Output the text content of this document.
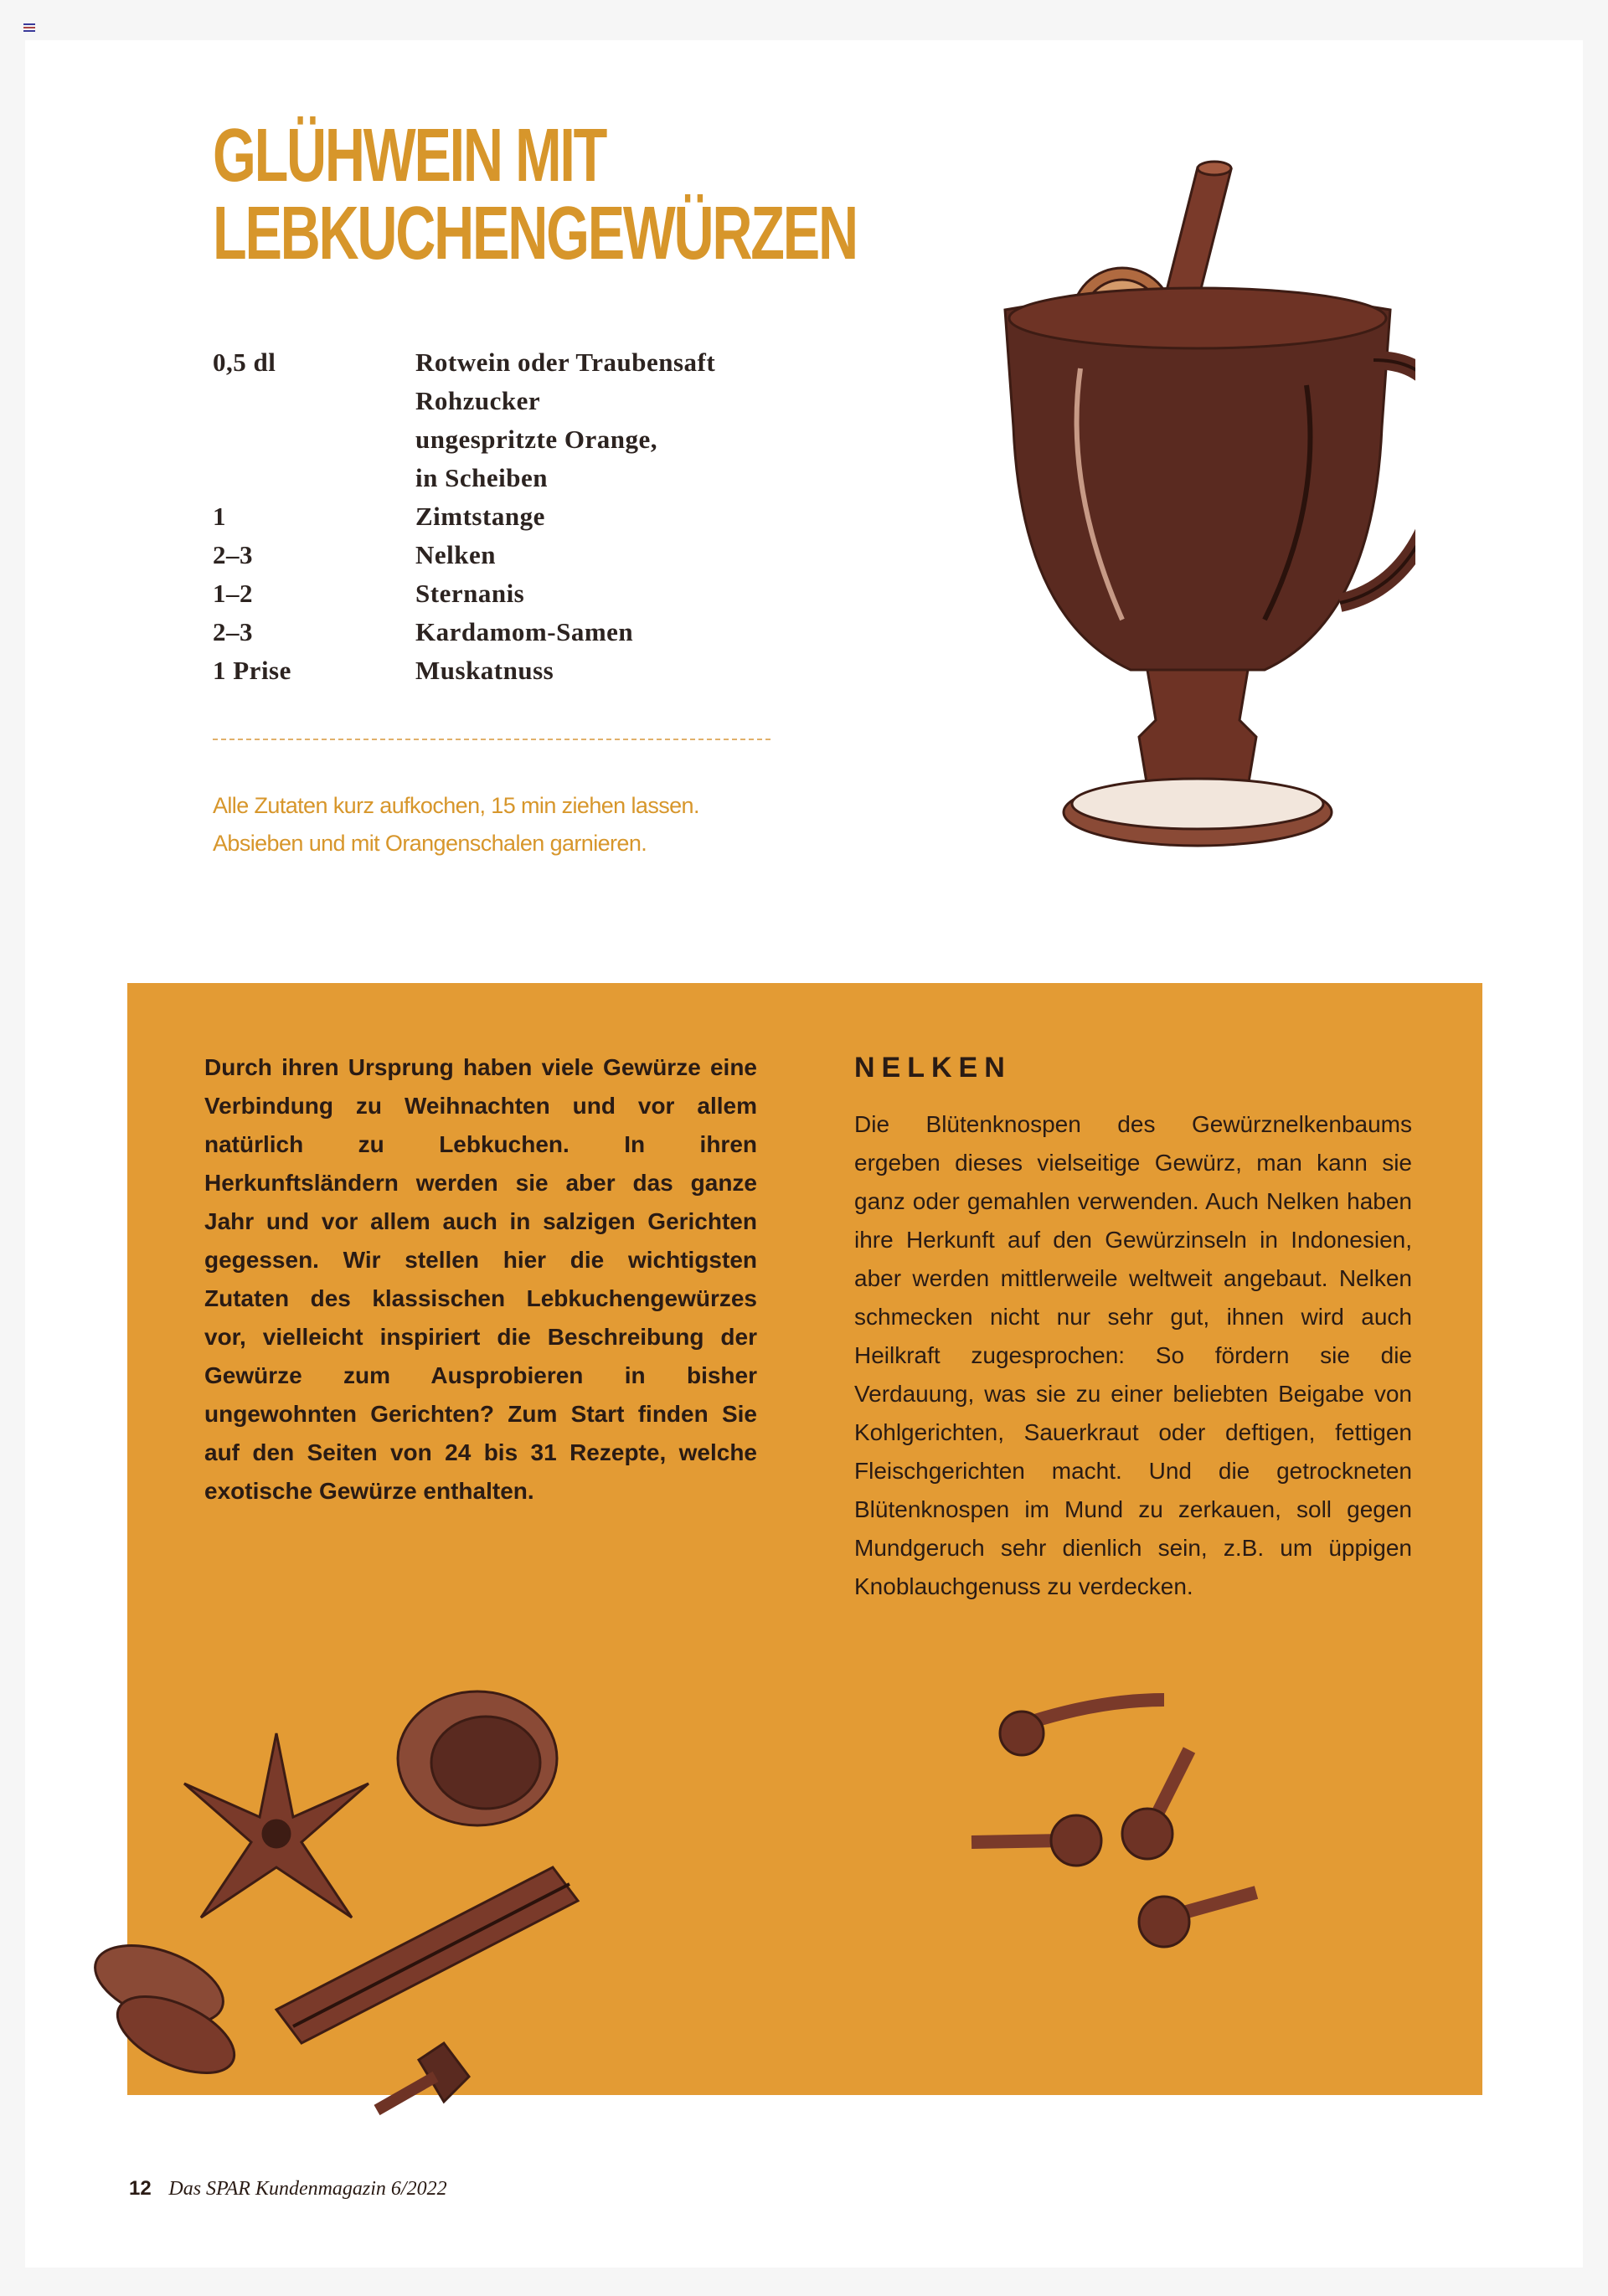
GLÜHWEIN MIT
LEBKUCHENGEWÜRZEN
0,5 dl	Rotwein oder Traubensaft
Rohzucker
ungespritzte Orange,
in Scheiben
1	Zimtstange
2–3	Nelken
1–2	Sternanis
2–3	Kardamom-Samen
1 Prise	Muskatnuss
Alle Zutaten kurz aufkochen, 15 min ziehen lassen.
Absieben und mit Orangenschalen garnieren.
Durch ihren Ursprung haben viele Gewürze eine Verbindung zu Weihnachten und vor allem natürlich zu Lebkuchen. In ihren Herkunftsländern werden sie aber das ganze Jahr und vor allem auch in salzigen Gerichten gegessen. Wir stellen hier die wichtigsten Zutaten des klassischen Lebkuchengewürzes vor, vielleicht inspiriert die Beschreibung der Gewürze zum Ausprobieren in bisher ungewohnten Gerichten? Zum Start finden Sie auf den Seiten von 24 bis 31 Rezepte, welche exotische Gewürze enthalten.
NELKEN
Die Blütenknospen des Gewürznelkenbaums ergeben dieses vielseitige Gewürz, man kann sie ganz oder gemahlen verwenden. Auch Nelken haben ihre Herkunft auf den Gewürzinseln in Indonesien, aber werden mittlerweile weltweit angebaut. Nelken schmecken nicht nur sehr gut, ihnen wird auch Heilkraft zugesprochen: So fördern sie die Verdauung, was sie zu einer beliebten Beigabe von Kohlgerichten, Sauerkraut oder deftigen, fettigen Fleischgerichten macht. Und die getrockneten Blütenknospen im Mund zu zerkauen, soll gegen Mundgeruch sehr dienlich sein, z.B. um üppigen Knoblauchgenuss zu verdecken.
12 Das SPAR Kundenmagazin 6/2022
